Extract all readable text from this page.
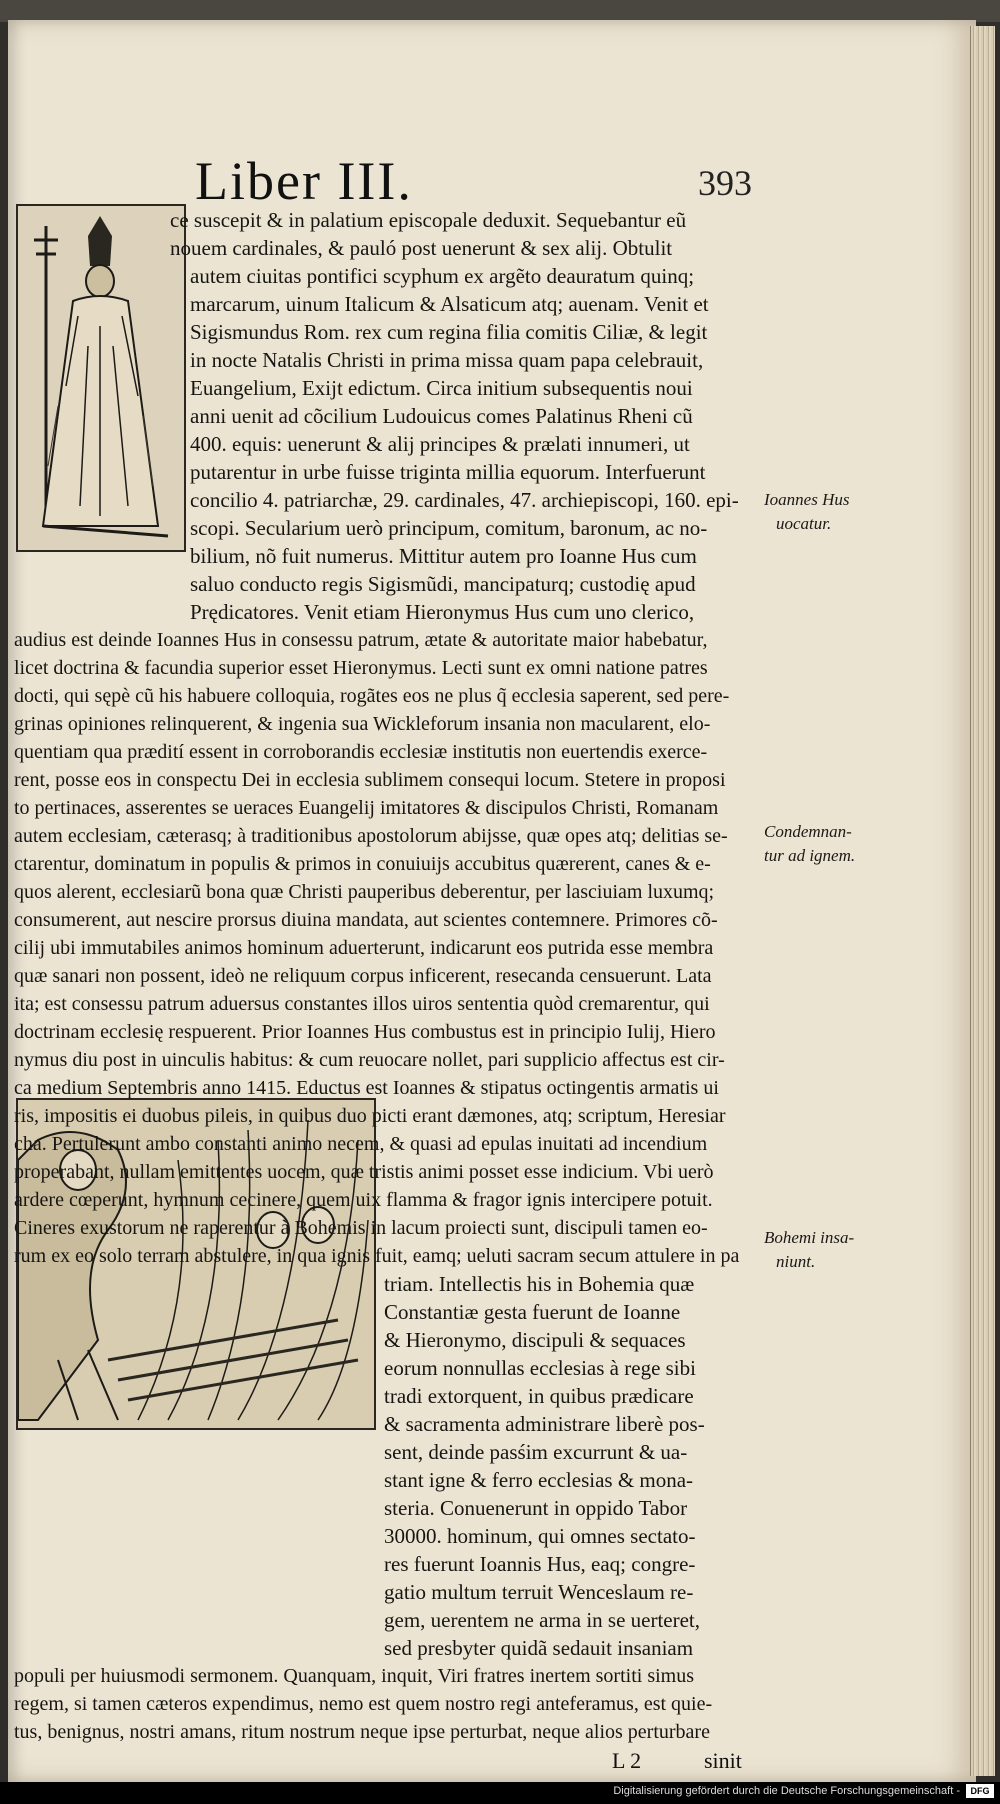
Liber III.	393
ce suscepit & in palatium episcopale deduxit. Sequebantur eũ
nouem cardinales, & pauló post uenerunt & sex alij. Obtulit
autem ciuitas pontifici scyphum ex argẽto deauratum quinq;
marcarum, uinum Italicum & Alsaticum atq; auenam. Venit et
Sigismundus Rom. rex cum regina filia comitis Ciliæ, & legit
in nocte Natalis Christi in prima missa quam papa celebrauit,
Euangelium, Exijt edictum. Circa initium subsequentis noui
anni uenit ad cõcilium Ludouicus comes Palatinus Rheni cũ
400. equis: uenerunt & alij principes & prælati innumeri, ut
putarentur in urbe fuisse triginta millia equorum. Interfuerunt
concilio 4. patriarchæ, 29. cardinales, 47. archiepiscopi, 160. epi-
scopi. Secularium uerò principum, comitum, baronum, ac no-
bilium, nõ fuit numerus. Mittitur autem pro Ioanne Hus cum
saluo conducto regis Sigismũdi, mancipaturq; custodię apud
Prędicatores. Venit etiam Hieronymus Hus cum uno clerico,
audius est deinde Ioannes Hus in consessu patrum, ætate & autoritate maior habebatur,
licet doctrina & facundia superior esset Hieronymus. Lecti sunt ex omni natione patres
docti, qui sępè cũ his habuere colloquia, rogãtes eos ne plus q̃ ecclesia saperent, sed pere-
grinas opiniones relinquerent, & ingenia sua Wickleforum insania non macularent, elo-
quentiam qua prædití essent in corroborandis ecclesiæ institutis non euertendis exerce-
rent, posse eos in conspectu Dei in ecclesia sublimem consequi locum. Stetere in proposi
to pertinaces, asserentes se ueraces Euangelij imitatores & discipulos Christi, Romanam
autem ecclesiam, cæterasq; à traditionibus apostolorum abijsse, quæ opes atq; delitias se-
ctarentur, dominatum in populis & primos in conuiuijs accubitus quærerent, canes & e-
quos alerent, ecclesiarũ bona quæ Christi pauperibus deberentur, per lasciuiam luxumq;
consumerent, aut nescire prorsus diuina mandata, aut scientes contemnere. Primores cõ-
cilij ubi immutabiles animos hominum aduerterunt, indicarunt eos putrida esse membra
quæ sanari non possent, ideò ne reliquum corpus inficerent, resecanda censuerunt. Lata
ita; est consessu patrum aduersus constantes illos uiros sententia quòd cremarentur, qui
doctrinam ecclesię respuerent. Prior Ioannes Hus combustus est in principio Iulij, Hiero
nymus diu post in uinculis habitus: & cum reuocare nollet, pari supplicio affectus est cir-
ca medium Septembris anno 1415. Eductus est Ioannes & stipatus octingentis armatis ui
ris, impositis ei duobus pileis, in quibus duo picti erant dæmones, atq; scriptum, Heresiar
cha. Pertulerunt ambo constanti animo necem, & quasi ad epulas inuitati ad incendium
properabant, nullam emittentes uocem, quæ tristis animi posset esse indicium. Vbi uerò
ardere cœperunt, hymnum cecinere, quem uix flamma & fragor ignis intercipere potuit.
Cineres exustorum ne raperentur à Bohemis in lacum proiecti sunt, discipuli tamen eo-
rum ex eo solo terram abstulere, in qua ignis fuit, eamq; ueluti sacram secum attulere in pa
triam. Intellectis his in Bohemia quæ
Constantiæ gesta fuerunt de Ioanne
& Hieronymo, discipuli & sequaces
eorum nonnullas ecclesias à rege sibi
tradi extorquent, in quibus prædicare
& sacramenta administrare liberè pos-
sent, deinde pasśim excurrunt & ua-
stant igne & ferro ecclesias & mona-
steria. Conuenerunt in oppido Tabor
30000. hominum, qui omnes sectato-
res fuerunt Ioannis Hus, eaq; congre-
gatio multum terruit Wenceslaum re-
gem, uerentem ne arma in se uerteret,
sed presbyter quidã sedauit insaniam
populi per huiusmodi sermonem. Quanquam, inquit, Viri fratres inertem sortiti simus
regem, si tamen cæteros expendimus, nemo est quem nostro regi anteferamus, est quie-
tus, benignus, nostri amans, ritum nostrum neque ipse perturbat, neque alios perturbare
Ioannes Hus
uocatur.
Condemnan-
tur ad ignem.
Bohemi insa-
niunt.
L 2	sinit
Digitalisierung gefördert durch die Deutsche Forschungsgemeinschaft -	DFG
